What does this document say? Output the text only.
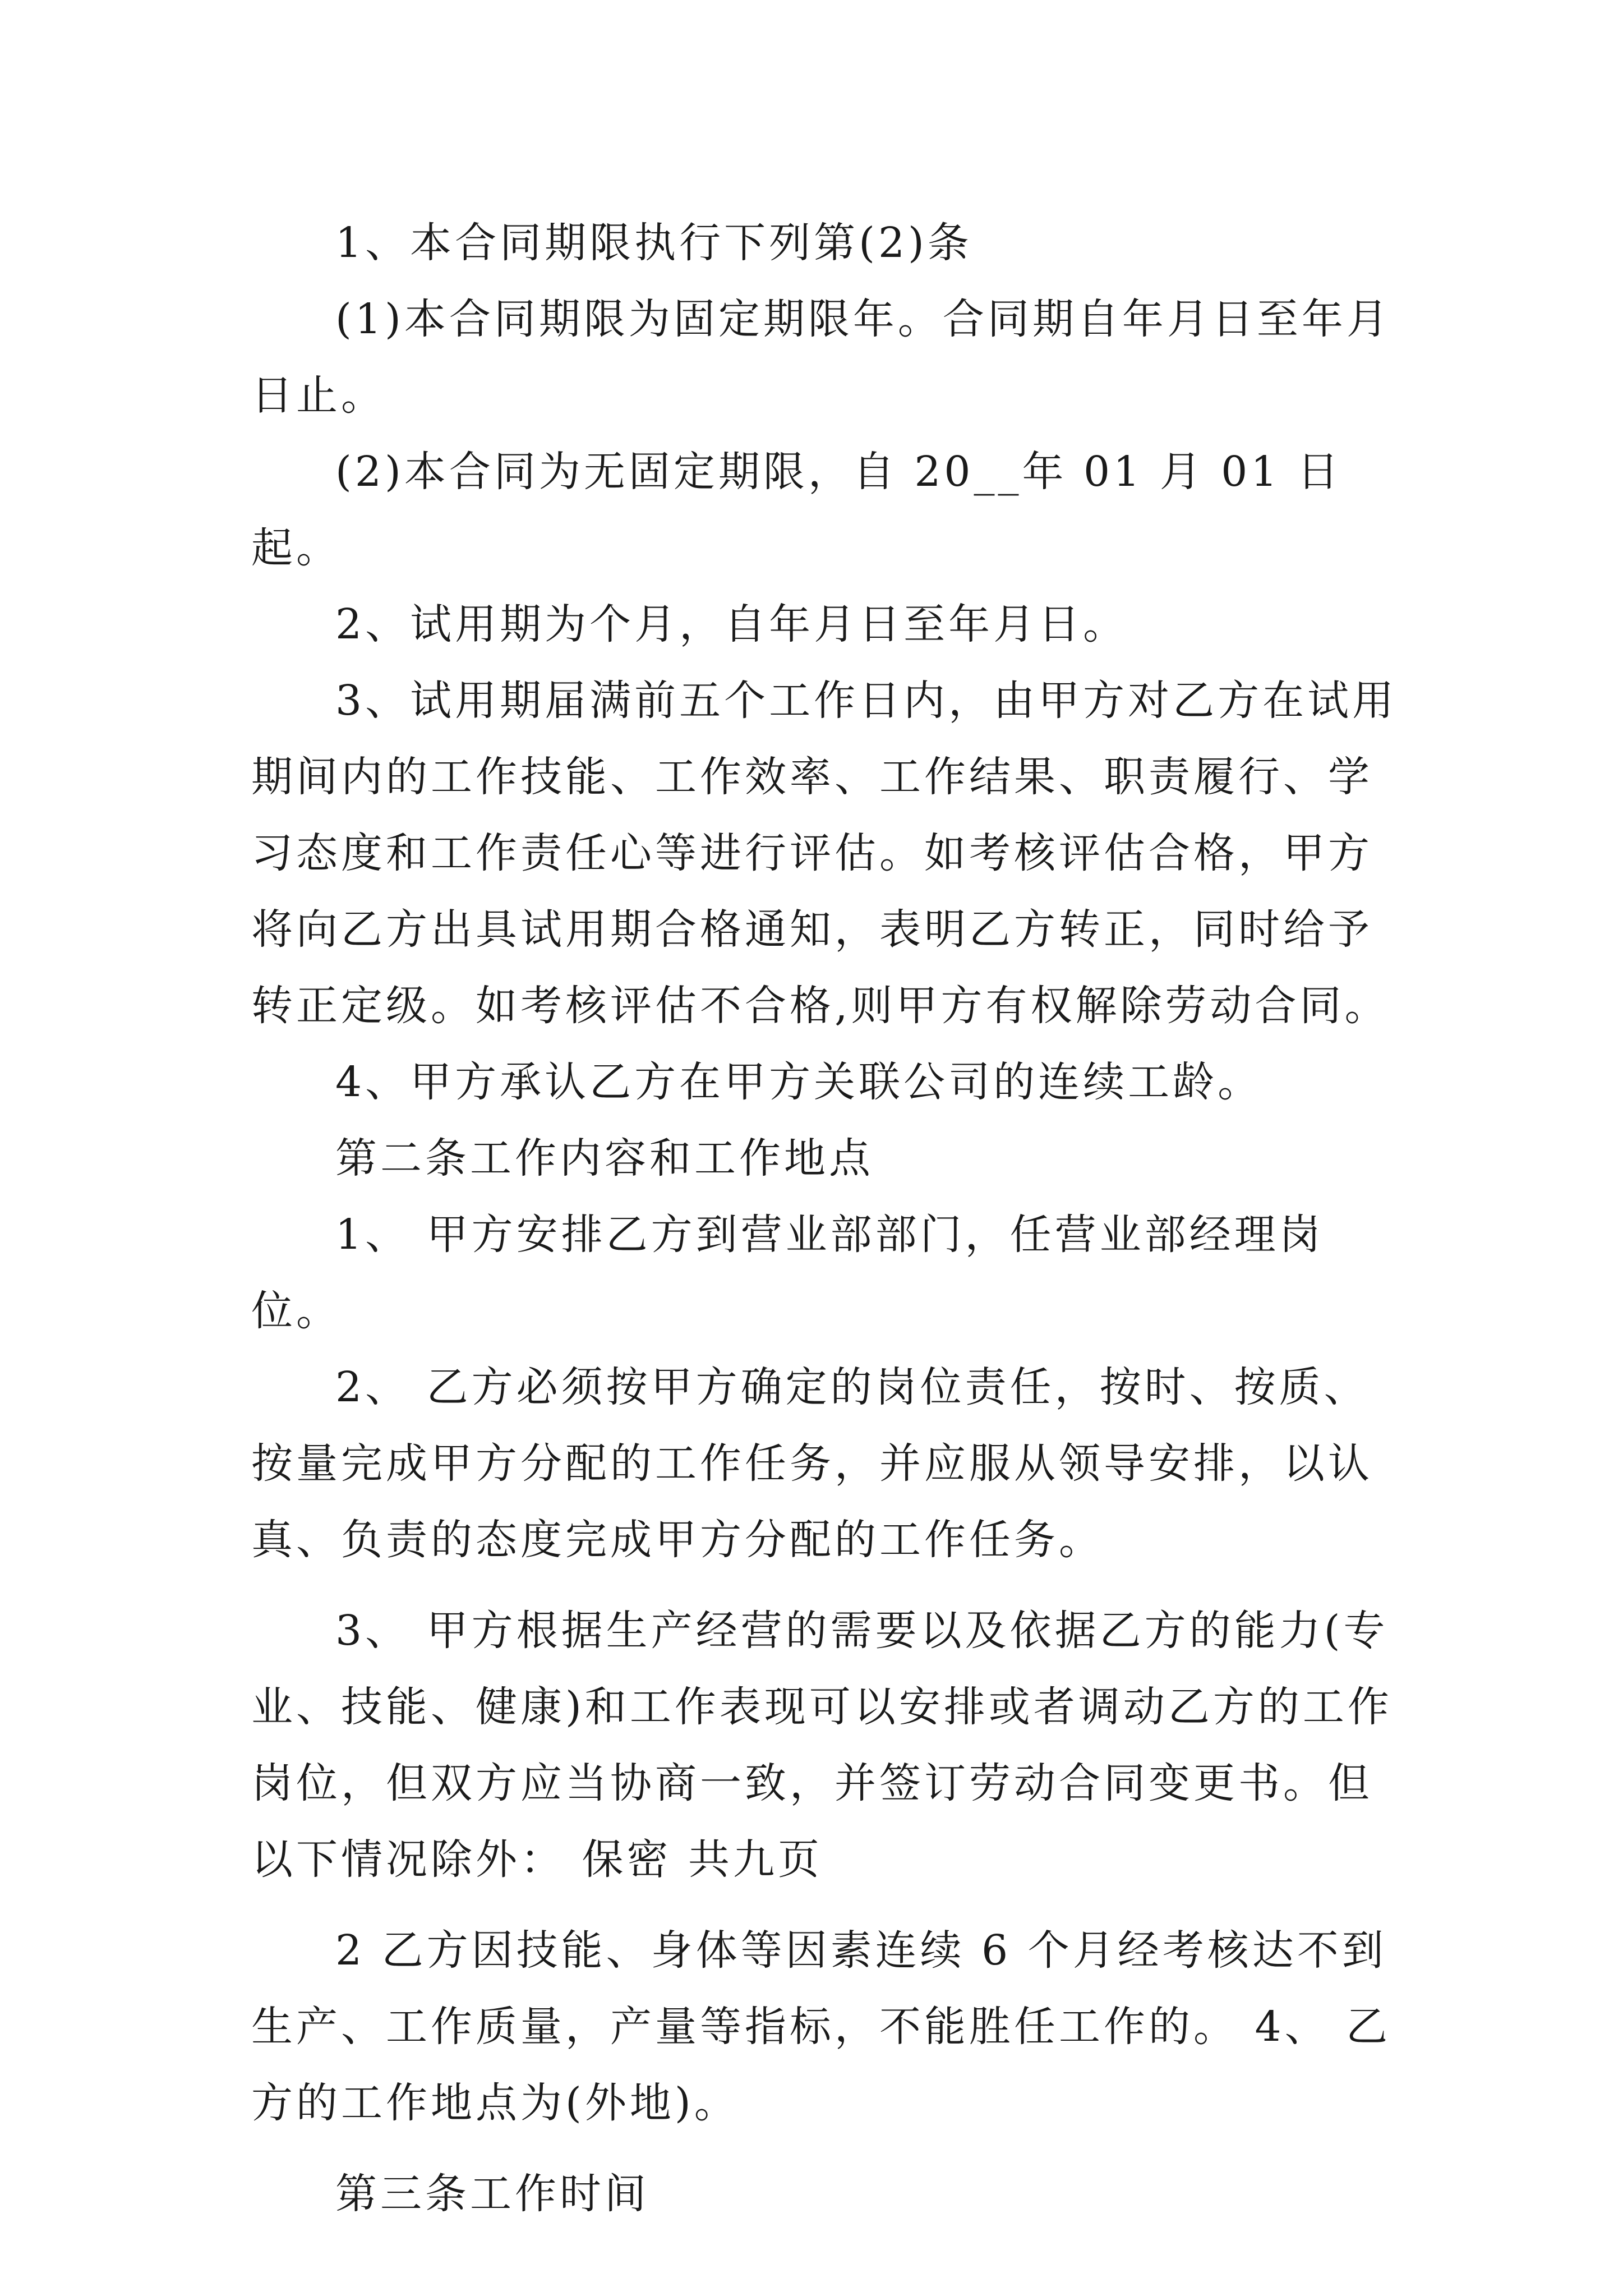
1、本合同期限执行下列第(2)条

(1)本合同期限为固定期限年。合同期自年月日至年月日止。

(2)本合同为无固定期限，自 20__年 01 月 01 日起。

2、试用期为个月，自年月日至年月日。

3、试用期届满前五个工作日内，由甲方对乙方在试用期间内的工作技能、工作效率、工作结果、职责履行、学习态度和工作责任心等进行评估。如考核评估合格，甲方将向乙方出具试用期合格通知，表明乙方转正，同时给予转正定级。如考核评估不合格,则甲方有权解除劳动合同。

4、甲方承认乙方在甲方关联公司的连续工龄。

第二条工作内容和工作地点

1、 甲方安排乙方到营业部部门，任营业部经理岗位。

2、 乙方必须按甲方确定的岗位责任，按时、按质、按量完成甲方分配的工作任务，并应服从领导安排，以认真、负责的态度完成甲方分配的工作任务。

3、 甲方根据生产经营的需要以及依据乙方的能力(专业、技能、健康)和工作表现可以安排或者调动乙方的工作岗位，但双方应当协商一致，并签订劳动合同变更书。但以下情况除外： 保密 共九页

2 乙方因技能、身体等因素连续 6 个月经考核达不到生产、工作质量，产量等指标，不能胜任工作的。 4、 乙方的工作地点为(外地)。

第三条工作时间
